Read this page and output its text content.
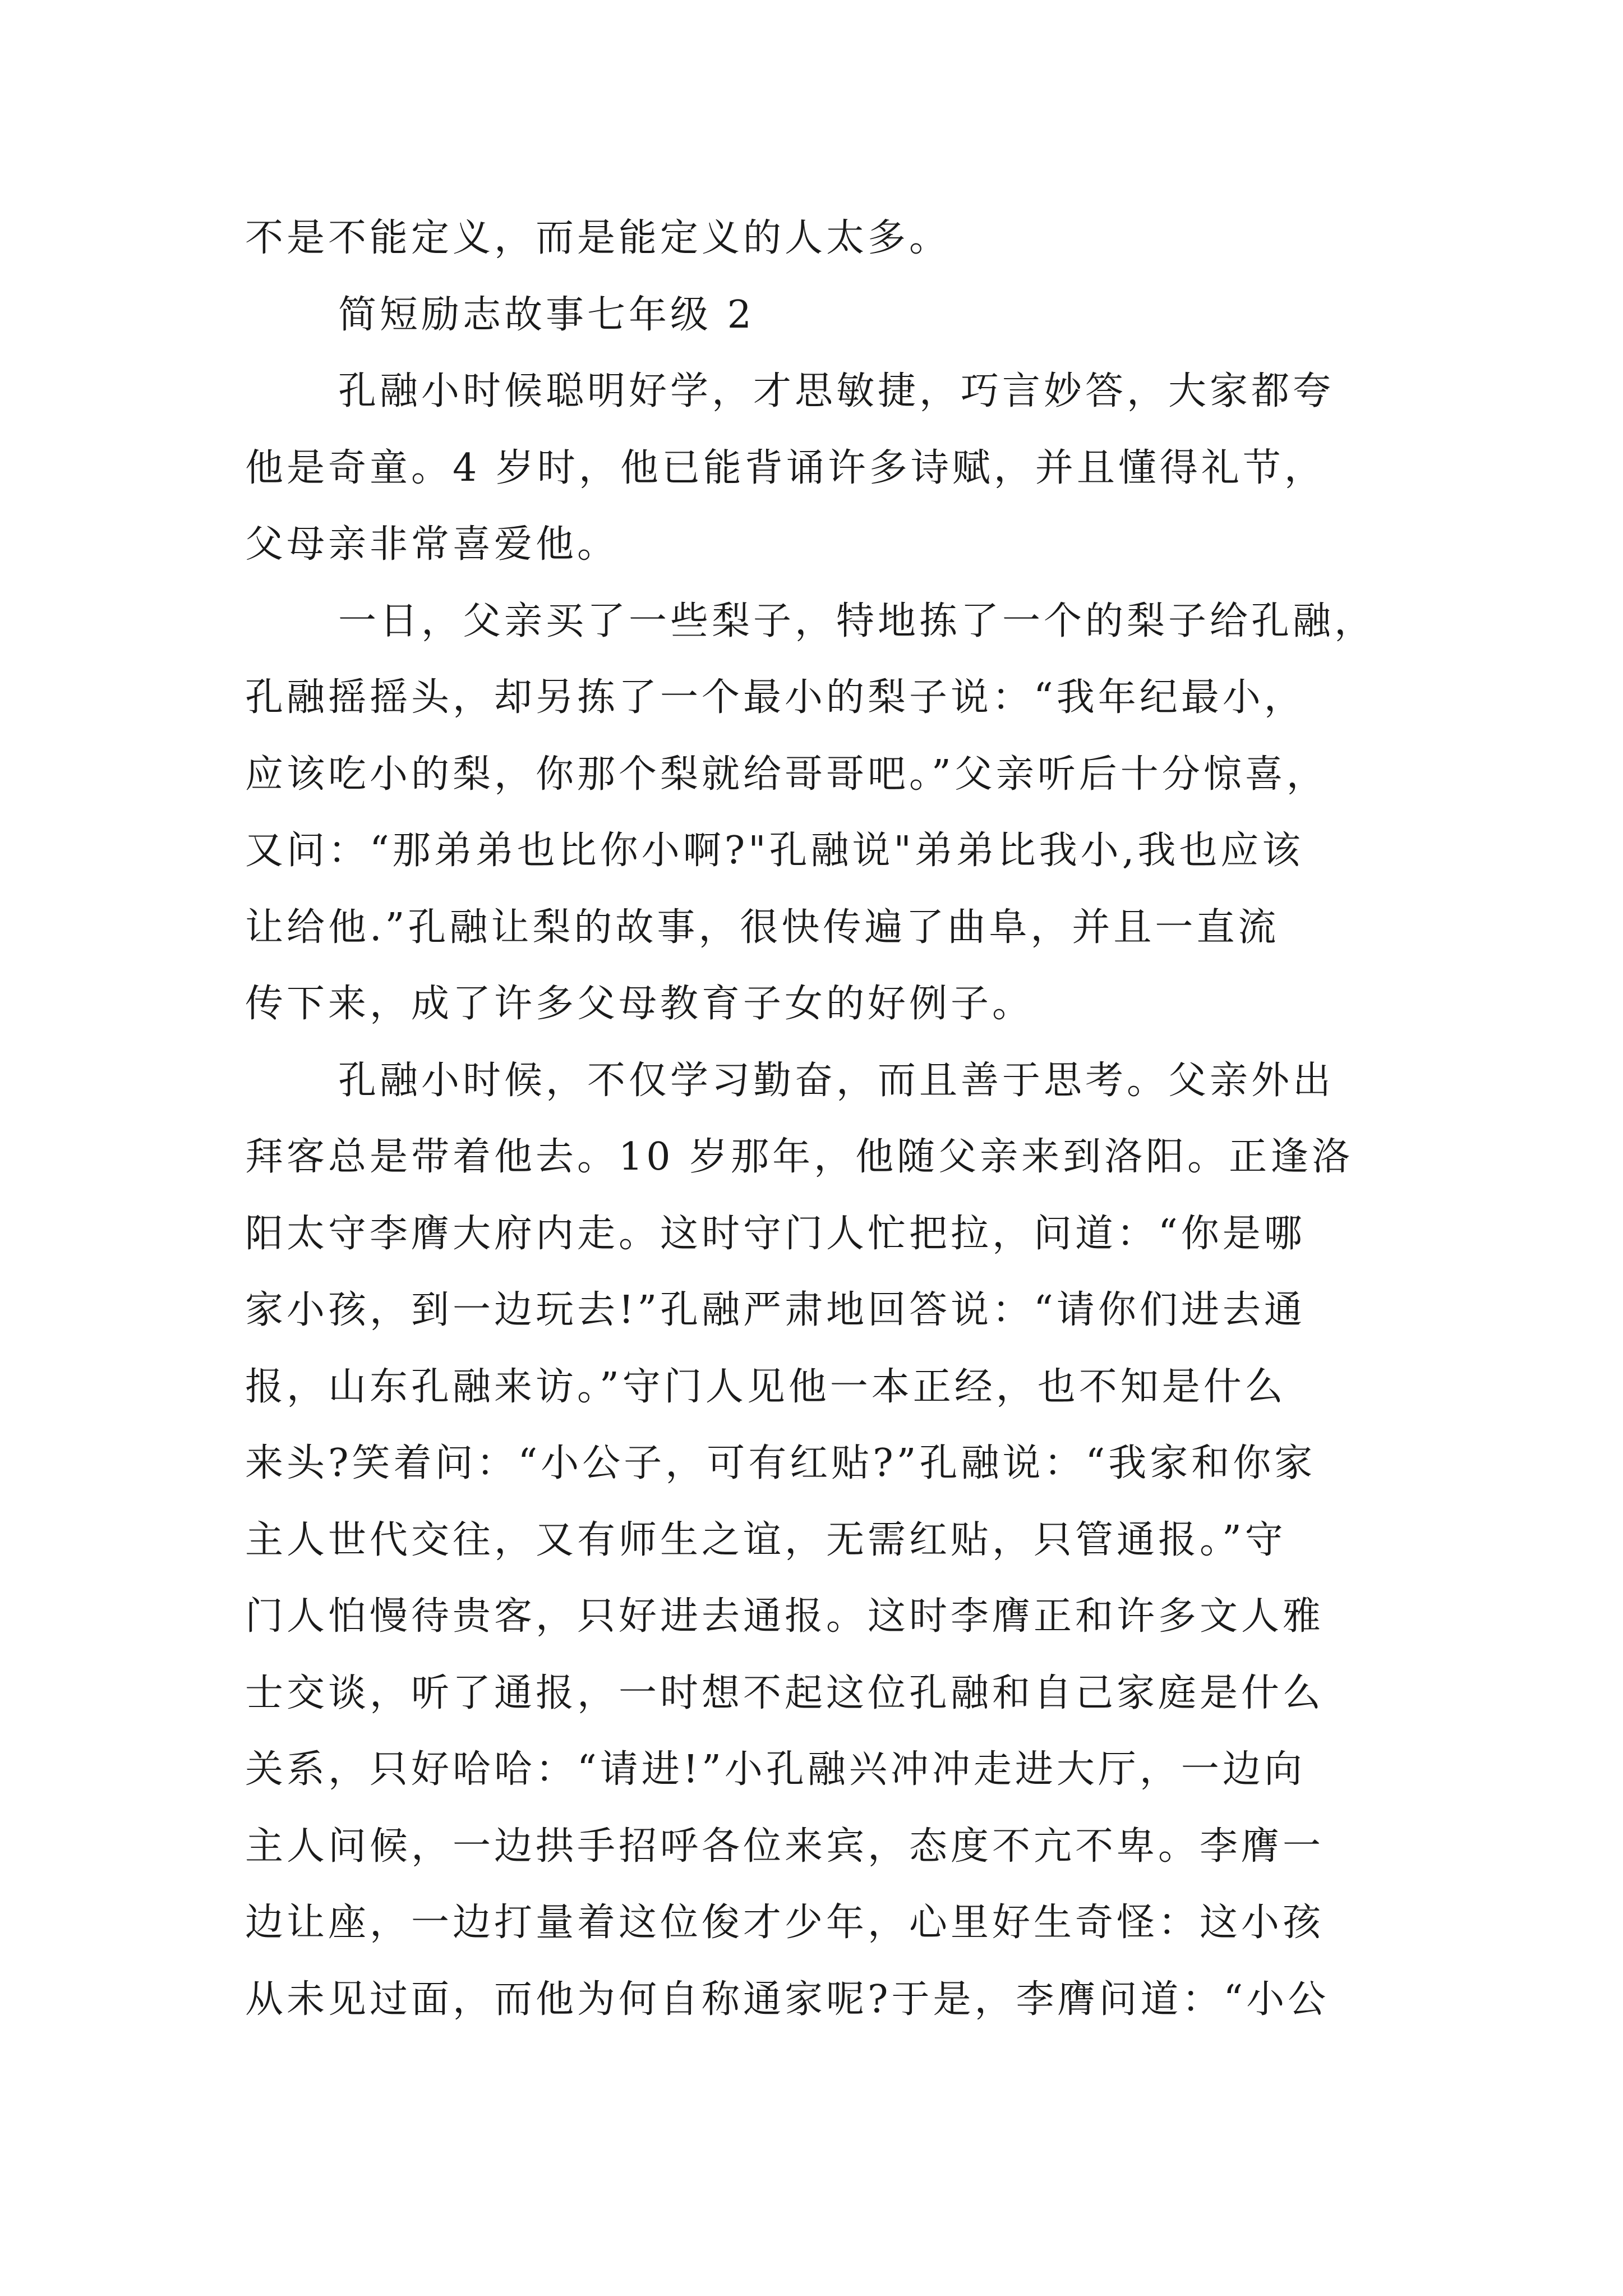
不是不能定义，而是能定义的人太多。
简短励志故事七年级 2
孔融小时候聪明好学，才思敏捷，巧言妙答，大家都夸
他是奇童。4 岁时，他已能背诵许多诗赋，并且懂得礼节，
父母亲非常喜爱他。
一日，父亲买了一些梨子，特地拣了一个的梨子给孔融，
孔融摇摇头，却另拣了一个最小的梨子说：“我年纪最小，
应该吃小的梨，你那个梨就给哥哥吧。”父亲听后十分惊喜，
又问：“那弟弟也比你小啊?"孔融说"弟弟比我小,我也应该
让给他.”孔融让梨的故事，很快传遍了曲阜，并且一直流
传下来，成了许多父母教育子女的好例子。
孔融小时候，不仅学习勤奋，而且善于思考。父亲外出
拜客总是带着他去。10 岁那年，他随父亲来到洛阳。正逢洛
阳太守李膺大府内走。这时守门人忙把拉，问道：“你是哪
家小孩，到一边玩去!”孔融严肃地回答说：“请你们进去通
报，山东孔融来访。”守门人见他一本正经，也不知是什么
来头?笑着问：“小公子，可有红贴?”孔融说：“我家和你家
主人世代交往，又有师生之谊，无需红贴，只管通报。”守
门人怕慢待贵客，只好进去通报。这时李膺正和许多文人雅
士交谈，听了通报，一时想不起这位孔融和自己家庭是什么
关系，只好哈哈：“请进!”小孔融兴冲冲走进大厅，一边向
主人问候，一边拱手招呼各位来宾，态度不亢不卑。李膺一
边让座，一边打量着这位俊才少年，心里好生奇怪：这小孩
从未见过面，而他为何自称通家呢?于是，李膺问道：“小公
